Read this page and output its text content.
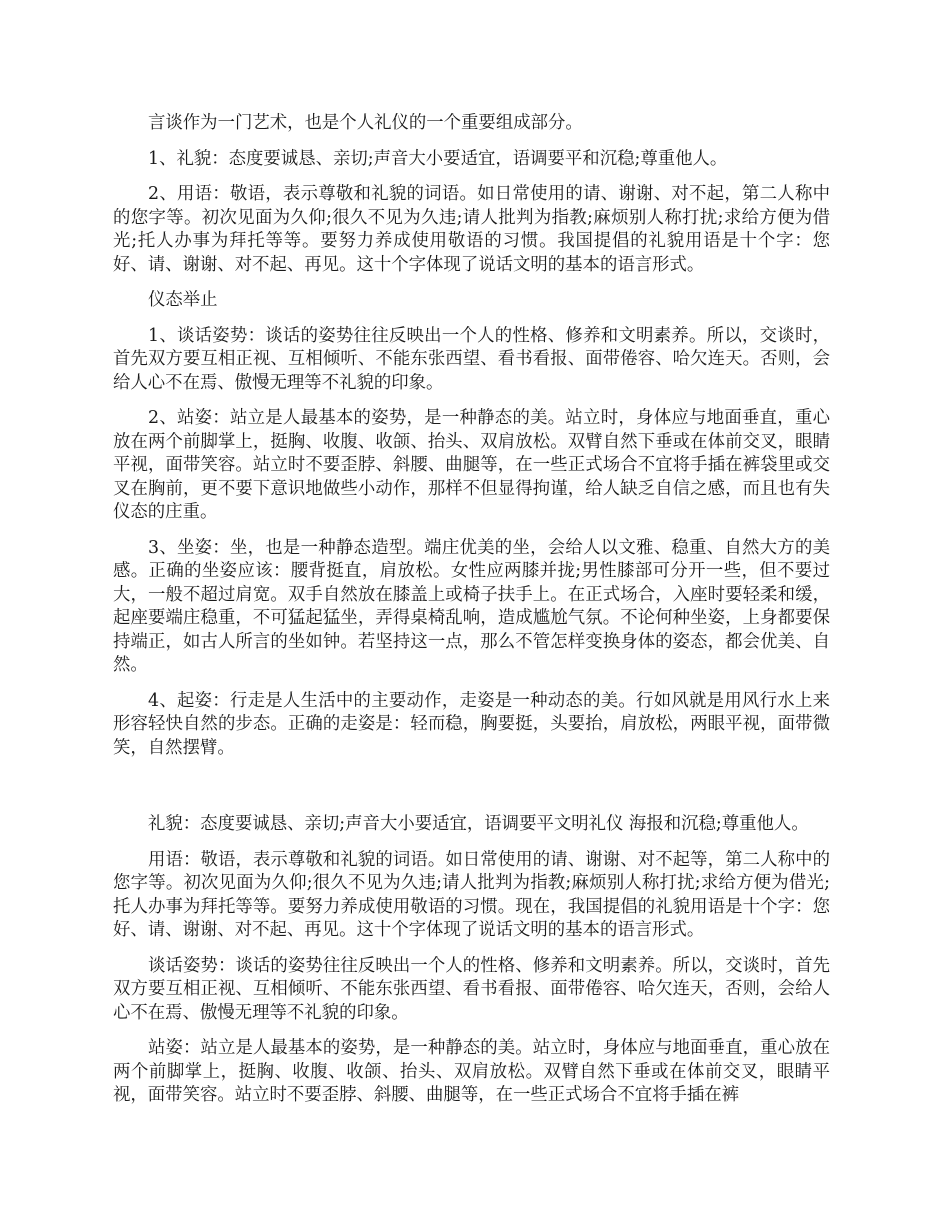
言谈作为一门艺术，也是个人礼仪的一个重要组成部分。

1、礼貌：态度要诚恳、亲切;声音大小要适宜，语调要平和沉稳;尊重他人。

2、用语：敬语，表示尊敬和礼貌的词语。如日常使用的请、谢谢、对不起，第二人称中的您字等。初次见面为久仰;很久不见为久违;请人批判为指教;麻烦别人称打扰;求给方便为借光;托人办事为拜托等等。要努力养成使用敬语的习惯。我国提倡的礼貌用语是十个字：您好、请、谢谢、对不起、再见。这十个字体现了说话文明的基本的语言形式。

仪态举止

1、谈话姿势：谈话的姿势往往反映出一个人的性格、修养和文明素养。所以，交谈时，首先双方要互相正视、互相倾听、不能东张西望、看书看报、面带倦容、哈欠连天。否则，会给人心不在焉、傲慢无理等不礼貌的印象。

2、站姿：站立是人最基本的姿势，是一种静态的美。站立时，身体应与地面垂直，重心放在两个前脚掌上，挺胸、收腹、收颌、抬头、双肩放松。双臂自然下垂或在体前交叉，眼睛平视，面带笑容。站立时不要歪脖、斜腰、曲腿等，在一些正式场合不宜将手插在裤袋里或交叉在胸前，更不要下意识地做些小动作，那样不但显得拘谨，给人缺乏自信之感，而且也有失仪态的庄重。

3、坐姿：坐，也是一种静态造型。端庄优美的坐，会给人以文雅、稳重、自然大方的美感。正确的坐姿应该：腰背挺直，肩放松。女性应两膝并拢;男性膝部可分开一些，但不要过大，一般不超过肩宽。双手自然放在膝盖上或椅子扶手上。在正式场合，入座时要轻柔和缓，起座要端庄稳重，不可猛起猛坐，弄得桌椅乱响，造成尴尬气氛。不论何种坐姿，上身都要保持端正，如古人所言的坐如钟。若坚持这一点，那么不管怎样变换身体的姿态，都会优美、自然。

4、起姿：行走是人生活中的主要动作，走姿是一种动态的美。行如风就是用风行水上来形容轻快自然的步态。正确的走姿是：轻而稳，胸要挺，头要抬，肩放松，两眼平视，面带微笑，自然摆臂。

礼貌：态度要诚恳、亲切;声音大小要适宜，语调要平文明礼仪 海报和沉稳;尊重他人。

用语：敬语，表示尊敬和礼貌的词语。如日常使用的请、谢谢、对不起等，第二人称中的您字等。初次见面为久仰;很久不见为久违;请人批判为指教;麻烦别人称打扰;求给方便为借光;托人办事为拜托等等。要努力养成使用敬语的习惯。现在，我国提倡的礼貌用语是十个字：您好、请、谢谢、对不起、再见。这十个字体现了说话文明的基本的语言形式。

谈话姿势：谈话的姿势往往反映出一个人的性格、修养和文明素养。所以，交谈时，首先双方要互相正视、互相倾听、不能东张西望、看书看报、面带倦容、哈欠连天，否则，会给人心不在焉、傲慢无理等不礼貌的印象。

站姿：站立是人最基本的姿势，是一种静态的美。站立时，身体应与地面垂直，重心放在两个前脚掌上，挺胸、收腹、收颌、抬头、双肩放松。双臂自然下垂或在体前交叉，眼睛平视，面带笑容。站立时不要歪脖、斜腰、曲腿等，在一些正式场合不宜将手插在裤
